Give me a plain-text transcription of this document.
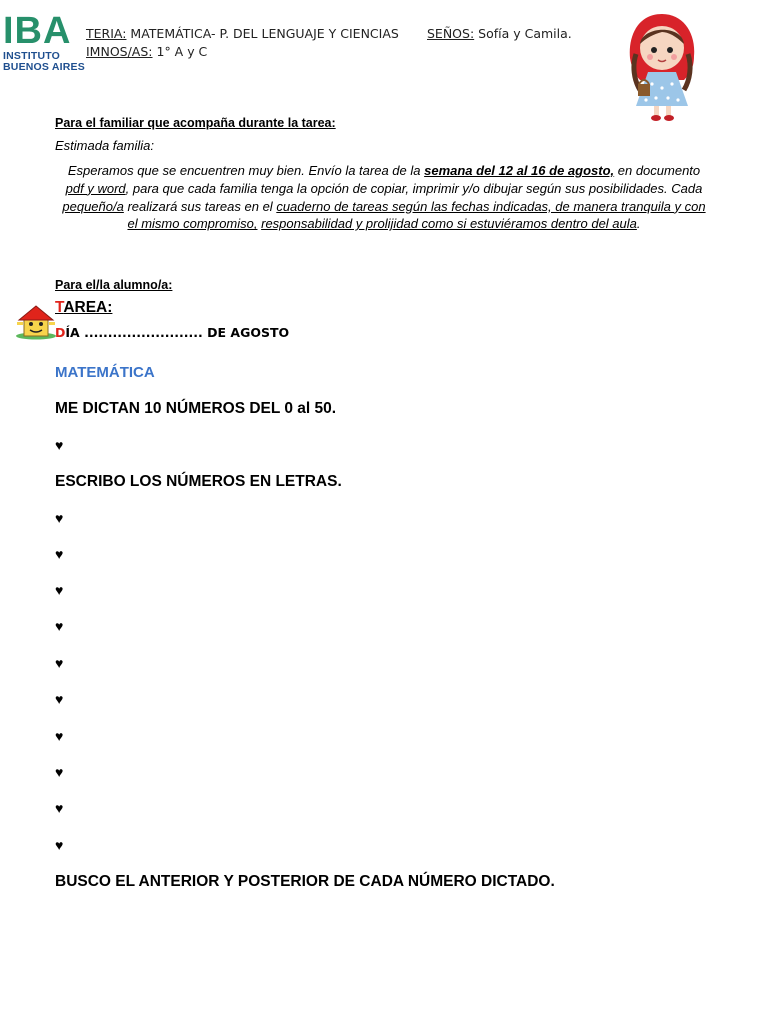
IBA
INSTITUTO
BUENOS AIRES
TERIA: MATEMÁTICA- P. DEL LENGUAJE Y CIENCIAS SEÑOS: Sofía y Camila.
IMNOS/AS: 1° A y C
Para el familiar que acompaña durante la tarea:
Estimada familia:
Esperamos que se encuentren muy bien. Envío la tarea de la semana del 12 al 16 de agosto, en documento pdf y word, para que cada familia tenga la opción de copiar, imprimir y/o dibujar según sus posibilidades. Cada pequeño/a realizará sus tareas en el cuaderno de tareas según las fechas indicadas, de manera tranquila y con el mismo compromiso, responsabilidad y prolijidad como si estuviéramos dentro del aula.
Para el/la alumno/a:
TAREA:
DÍA ......................... DE AGOSTO
MATEMÁTICA
ME DICTAN 10 NÚMEROS DEL 0 al 50.
♥
ESCRIBO LOS NÚMEROS EN LETRAS.
♥
♥
♥
♥
♥
♥
♥
♥
♥
♥
BUSCO EL ANTERIOR Y POSTERIOR DE CADA NÚMERO DICTADO.
